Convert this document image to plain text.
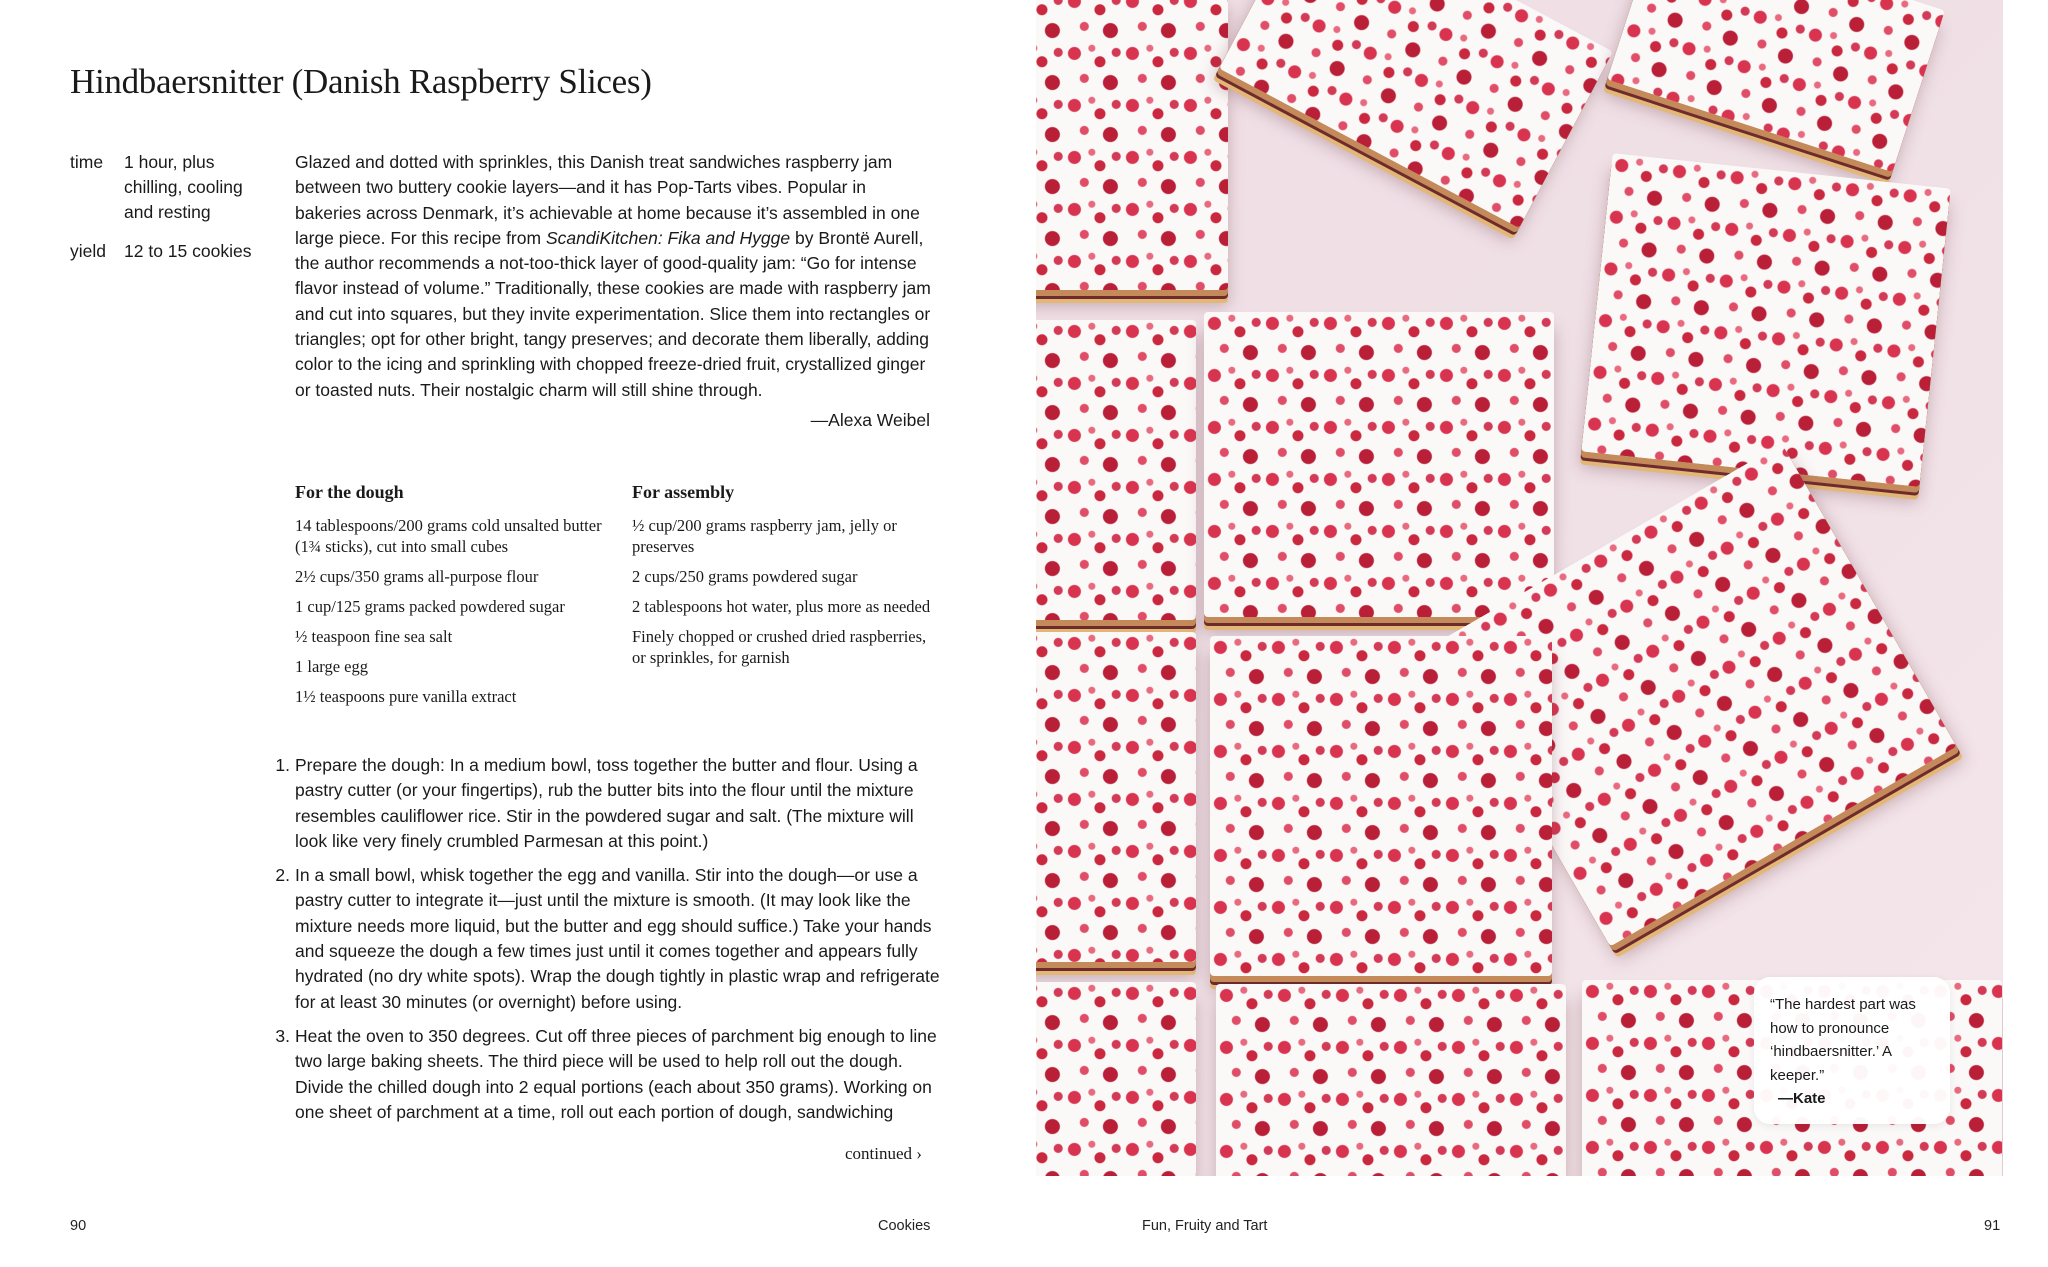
Hindbaersnitter (Danish Raspberry Slices)
time 1 hour, plus chilling, cooling and resting
yield 12 to 15 cookies

Glazed and dotted with sprinkles, this Danish treat sandwiches raspberry jam between two buttery cookie layers—and it has Pop-Tarts vibes. Popular in bakeries across Denmark, it’s achievable at home because it’s assembled in one large piece. For this recipe from ScandiKitchen: Fika and Hygge by Brontë Aurell, the author recommends a not-too-thick layer of good-quality jam: “Go for intense flavor instead of volume.” Traditionally, these cookies are made with raspberry jam and cut into squares, but they invite experimentation. Slice them into rectangles or triangles; opt for other bright, tangy preserves; and decorate them liberally, adding color to the icing and sprinkling with chopped freeze-dried fruit, crystallized ginger or toasted nuts. Their nostalgic charm will still shine through.

—Alexa Weibel
For the dough
14 tablespoons/200 grams cold unsalted butter (1¾ sticks), cut into small cubes
2½ cups/350 grams all-purpose flour
1 cup/125 grams packed powdered sugar
½ teaspoon fine sea salt
1 large egg
1½ teaspoons pure vanilla extract
For assembly
½ cup/200 grams raspberry jam, jelly or preserves
2 cups/250 grams powdered sugar
2 tablespoons hot water, plus more as needed
Finely chopped or crushed dried raspberries, or sprinkles, for garnish
1. Prepare the dough: In a medium bowl, toss together the butter and flour. Using a pastry cutter (or your fingertips), rub the butter bits into the flour until the mixture resembles cauliflower rice. Stir in the powdered sugar and salt. (The mixture will look like very finely crumbled Parmesan at this point.)
2. In a small bowl, whisk together the egg and vanilla. Stir into the dough—or use a pastry cutter to integrate it—just until the mixture is smooth. (It may look like the mixture needs more liquid, but the butter and egg should suffice.) Take your hands and squeeze the dough a few times just until it comes together and appears fully hydrated (no dry white spots). Wrap the dough tightly in plastic wrap and refrigerate for at least 30 minutes (or overnight) before using.
3. Heat the oven to 350 degrees. Cut off three pieces of parchment big enough to line two large baking sheets. The third piece will be used to help roll out the dough. Divide the chilled dough into 2 equal portions (each about 350 grams). Working on one sheet of parchment at a time, roll out each portion of dough, sandwiching
continued ›
90	Cookies	Fun, Fruity and Tart	91
“The hardest part was how to pronounce ‘hindbaersnitter.’ A keeper.”
—Kate
